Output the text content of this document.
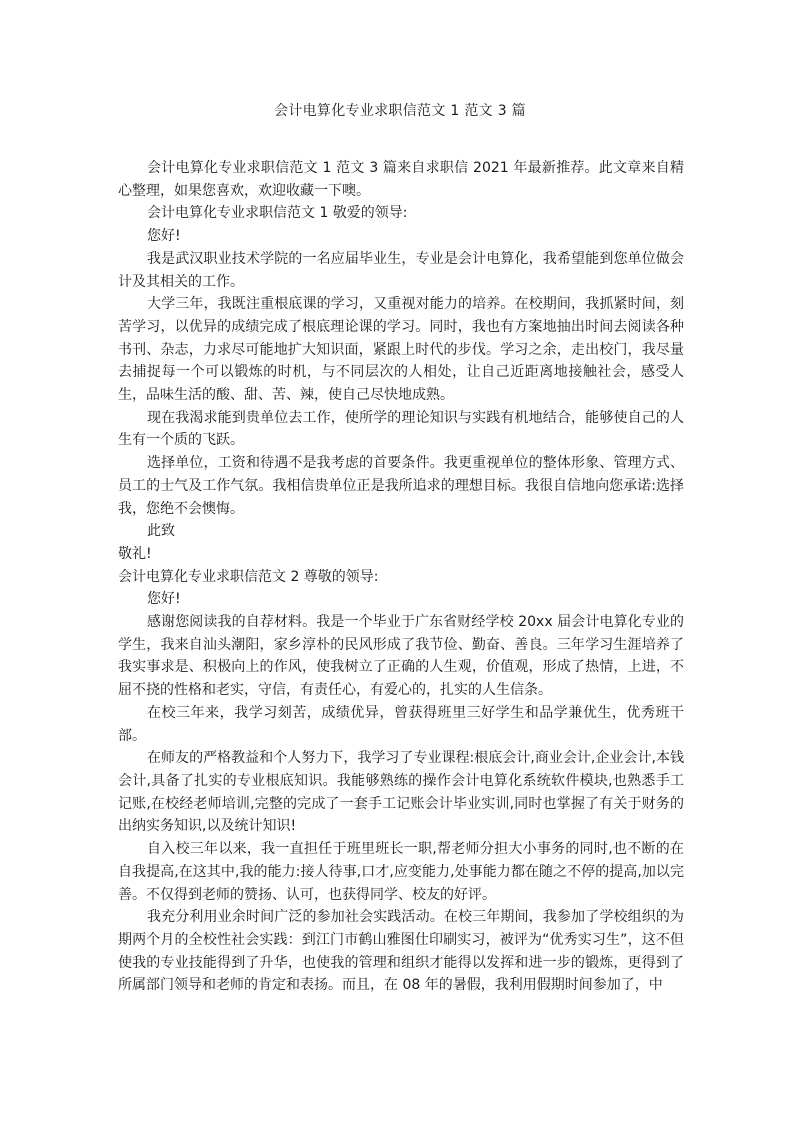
会计电算化专业求职信范文 1 范文 3 篇

会计电算化专业求职信范文 1 范文 3 篇来自求职信 2021 年最新推荐。此文章来自精心整理，如果您喜欢，欢迎收藏一下噢。

会计电算化专业求职信范文 1 敬爱的领导:

您好!

我是武汉职业技术学院的一名应届毕业生，专业是会计电算化，我希望能到您单位做会计及其相关的工作。

大学三年，我既注重根底课的学习，又重视对能力的培养。在校期间，我抓紧时间，刻苦学习，以优异的成绩完成了根底理论课的学习。同时，我也有方案地抽出时间去阅读各种书刊、杂志，力求尽可能地扩大知识面，紧跟上时代的步伐。学习之余，走出校门，我尽量去捕捉每一个可以锻炼的时机，与不同层次的人相处，让自己近距离地接触社会，感受人生，品味生活的酸、甜、苦、辣，使自己尽快地成熟。

现在我渴求能到贵单位去工作，使所学的理论知识与实践有机地结合，能够使自己的人生有一个质的飞跃。

选择单位，工资和待遇不是我考虑的首要条件。我更重视单位的整体形象、管理方式、员工的士气及工作气氛。我相信贵单位正是我所追求的理想目标。我很自信地向您承诺:选择我，您绝不会懊悔。

此致

敬礼!

会计电算化专业求职信范文 2 尊敬的领导:

您好!

感谢您阅读我的自荐材料。我是一个毕业于广东省财经学校 20xx 届会计电算化专业的学生，我来自汕头潮阳，家乡淳朴的民风形成了我节俭、勤奋、善良。三年学习生涯培养了我实事求是、积极向上的作风，使我树立了正确的人生观，价值观，形成了热情，上进，不屈不挠的性格和老实，守信，有责任心，有爱心的，扎实的人生信条。

在校三年来，我学习刻苦，成绩优异，曾获得班里三好学生和品学兼优生，优秀班干部。

在师友的严格教益和个人努力下，我学习了专业课程:根底会计,商业会计,企业会计,本钱会计,具备了扎实的专业根底知识。我能够熟练的操作会计电算化系统软件模块,也熟悉手工记账,在校经老师培训,完整的完成了一套手工记账会计毕业实训,同时也掌握了有关于财务的出纳实务知识,以及统计知识!

自入校三年以来，我一直担任于班里班长一职,帮老师分担大小事务的同时,也不断的在自我提高,在这其中,我的能力:接人待事,口才,应变能力,处事能力都在随之不停的提高,加以完善。不仅得到老师的赞扬、认可，也获得同学、校友的好评。

我充分利用业余时间广泛的参加社会实践活动。在校三年期间，我参加了学校组织的为期两个月的全校性社会实践：到江门市鹤山雅图仕印刷实习，被评为“优秀实习生”，这不但使我的专业技能得到了升华，也使我的管理和组织才能得以发挥和进一步的锻炼，更得到了所属部门领导和老师的肯定和表扬。而且，在 08 年的暑假，我利用假期时间参加了，中
